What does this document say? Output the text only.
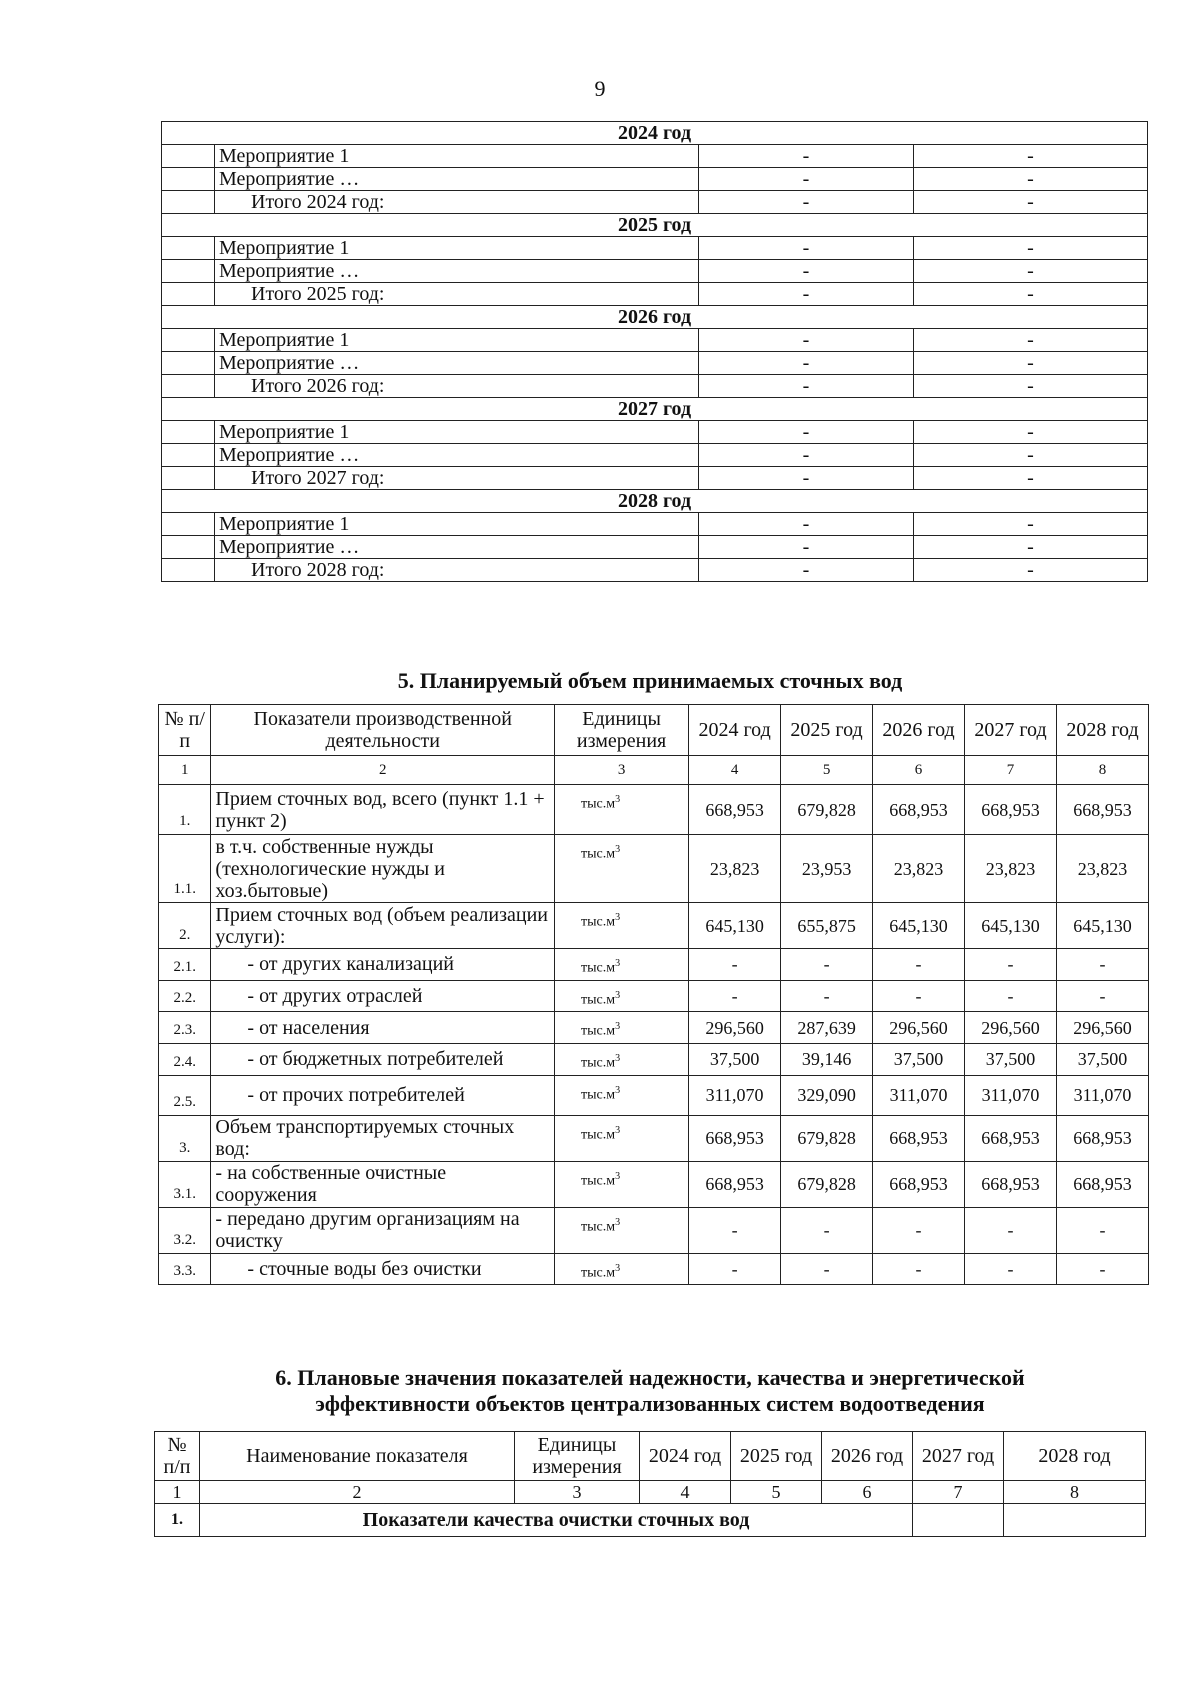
9
2024 год			
	Мероприятие 1	-	-
	Мероприятие …	-	-
	Итого 2024 год:	-	-
2025 год			
	Мероприятие 1	-	-
	Мероприятие …	-	-
	Итого 2025 год:	-	-
2026 год			
	Мероприятие 1	-	-
	Мероприятие …	-	-
	Итого 2026 год:	-	-
2027 год			
	Мероприятие 1	-	-
	Мероприятие …	-	-
	Итого 2027 год:	-	-
2028 год			
	Мероприятие 1	-	-
	Мероприятие …	-	-
	Итого 2028 год:	-	-
5. Планируемый объем принимаемых сточных вод
№ п/п	Показатели производственной деятельности	Единицы измерения	2024 год	2025 год	2026 год	2027 год	2028 год
1	2	3	4	5	6	7	8
1.	Прием сточных вод, всего (пункт 1.1 + пункт 2)	$тыс.м^3$	668,953	679,828	668,953	668,953	668,953
1.1.	в т.ч. собственные нужды (технологические нужды и хоз.бытовые)	$тыс.м^3$	23,823	23,953	23,823	23,823	23,823
2.	Прием сточных вод (объем реализации услуги):	$тыс.м^3$	645,130	655,875	645,130	645,130	645,130
2.1.	- от других канализаций	$тыс.м^3$	-	-	-	-	-
2.2.	- от других отраслей	$тыс.м^3$	-	-	-	-	-
2.3.	- от населения	$тыс.м^3$	296,560	287,639	296,560	296,560	296,560
2.4.	- от бюджетных потребителей	$тыс.м^3$	37,500	39,146	37,500	37,500	37,500
2.5.	- от прочих потребителей	$тыс.м^3$	311,070	329,090	311,070	311,070	311,070
3.	Объем транспортируемых сточных вод:	$тыс.м^3$	668,953	679,828	668,953	668,953	668,953
3.1.	- на собственные очистные сооружения	$тыс.м^3$	668,953	679,828	668,953	668,953	668,953
3.2.	- передано другим организациям на очистку	$тыс.м^3$	-	-	-	-	-
3.3.	- сточные воды без очистки	$тыс.м^3$	-	-	-	-	-
6. Плановые значения показателей надежности, качества и энергетической
эффективности объектов централизованных систем водоотведения
№ п/п	Наименование показателя	Единицы измерения	2024 год	2025 год	2026 год	2027 год	2028 год
1	2	3	4	5	6	7	8
1.	Показатели качества очистки сточных вод						
